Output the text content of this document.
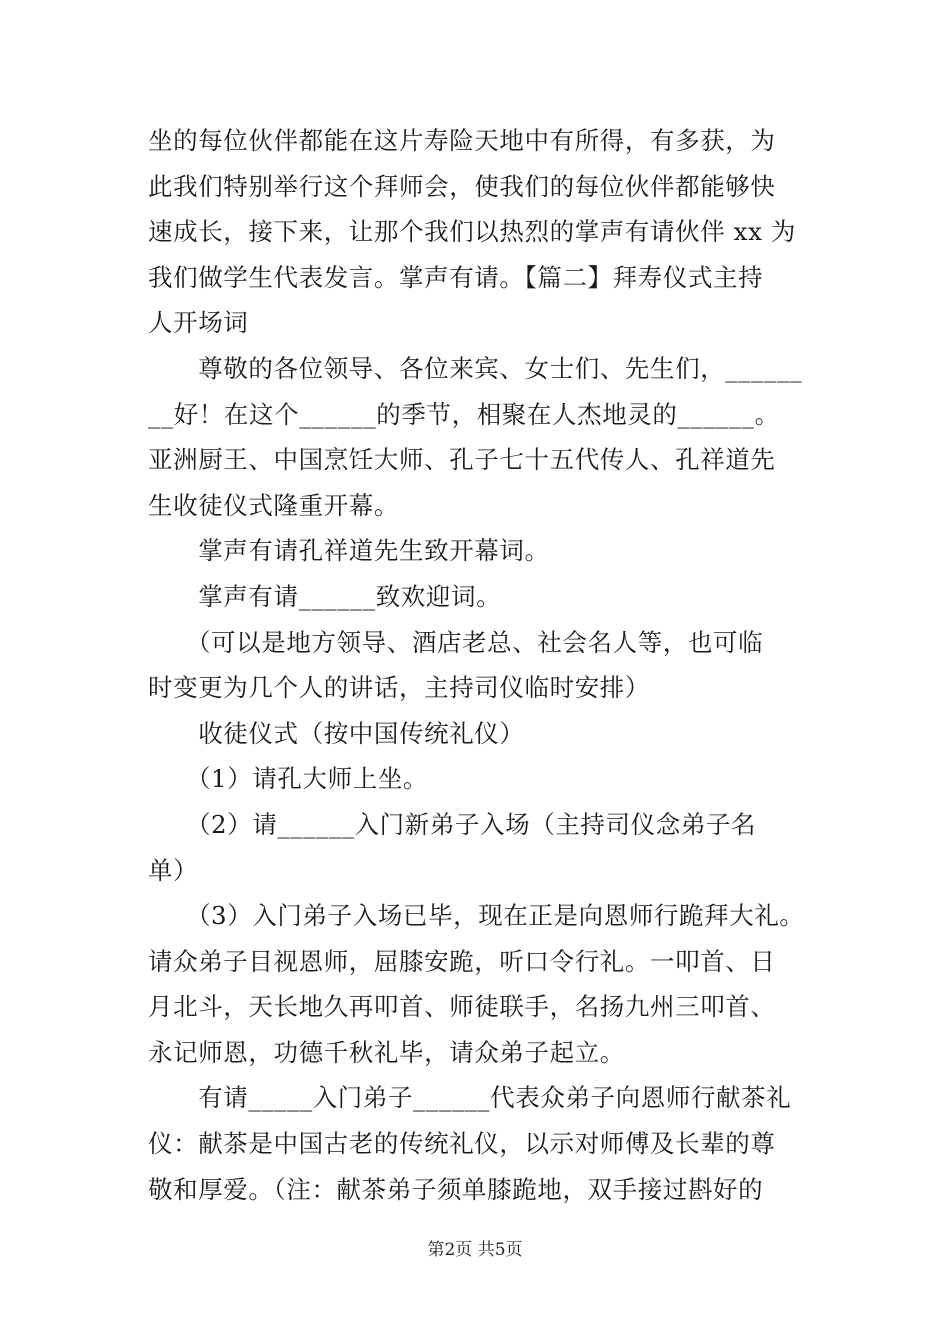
坐的每位伙伴都能在这片寿险天地中有所得，有多获，为
此我们特别举行这个拜师会，使我们的每位伙伴都能够快
速成长，接下来，让那个我们以热烈的掌声有请伙伴 xx 为
我们做学生代表发言。掌声有请。【篇二】拜寿仪式主持
人开场词
　　尊敬的各位领导、各位来宾、女士们、先生们，______
__好！在这个______的季节，相聚在人杰地灵的______。
亚洲厨王、中国烹饪大师、孔子七十五代传人、孔祥道先
生收徒仪式隆重开幕。
　　掌声有请孔祥道先生致开幕词。
　　掌声有请______致欢迎词。
　　（可以是地方领导、酒店老总、社会名人等，也可临
时变更为几个人的讲话，主持司仪临时安排）
　　收徒仪式（按中国传统礼仪）
　　（1）请孔大师上坐。
　　（2）请______入门新弟子入场（主持司仪念弟子名
单）
　　（3）入门弟子入场已毕，现在正是向恩师行跪拜大礼。
请众弟子目视恩师，屈膝安跪，听口令行礼。一叩首、日
月北斗，天长地久再叩首、师徒联手，名扬九州三叩首、
永记师恩，功德千秋礼毕，请众弟子起立。
　　有请_____入门弟子______代表众弟子向恩师行献茶礼
仪：献茶是中国古老的传统礼仪，以示对师傅及长辈的尊
敬和厚爱。（注：献茶弟子须单膝跪地，双手接过斟好的
第2页 共5页
